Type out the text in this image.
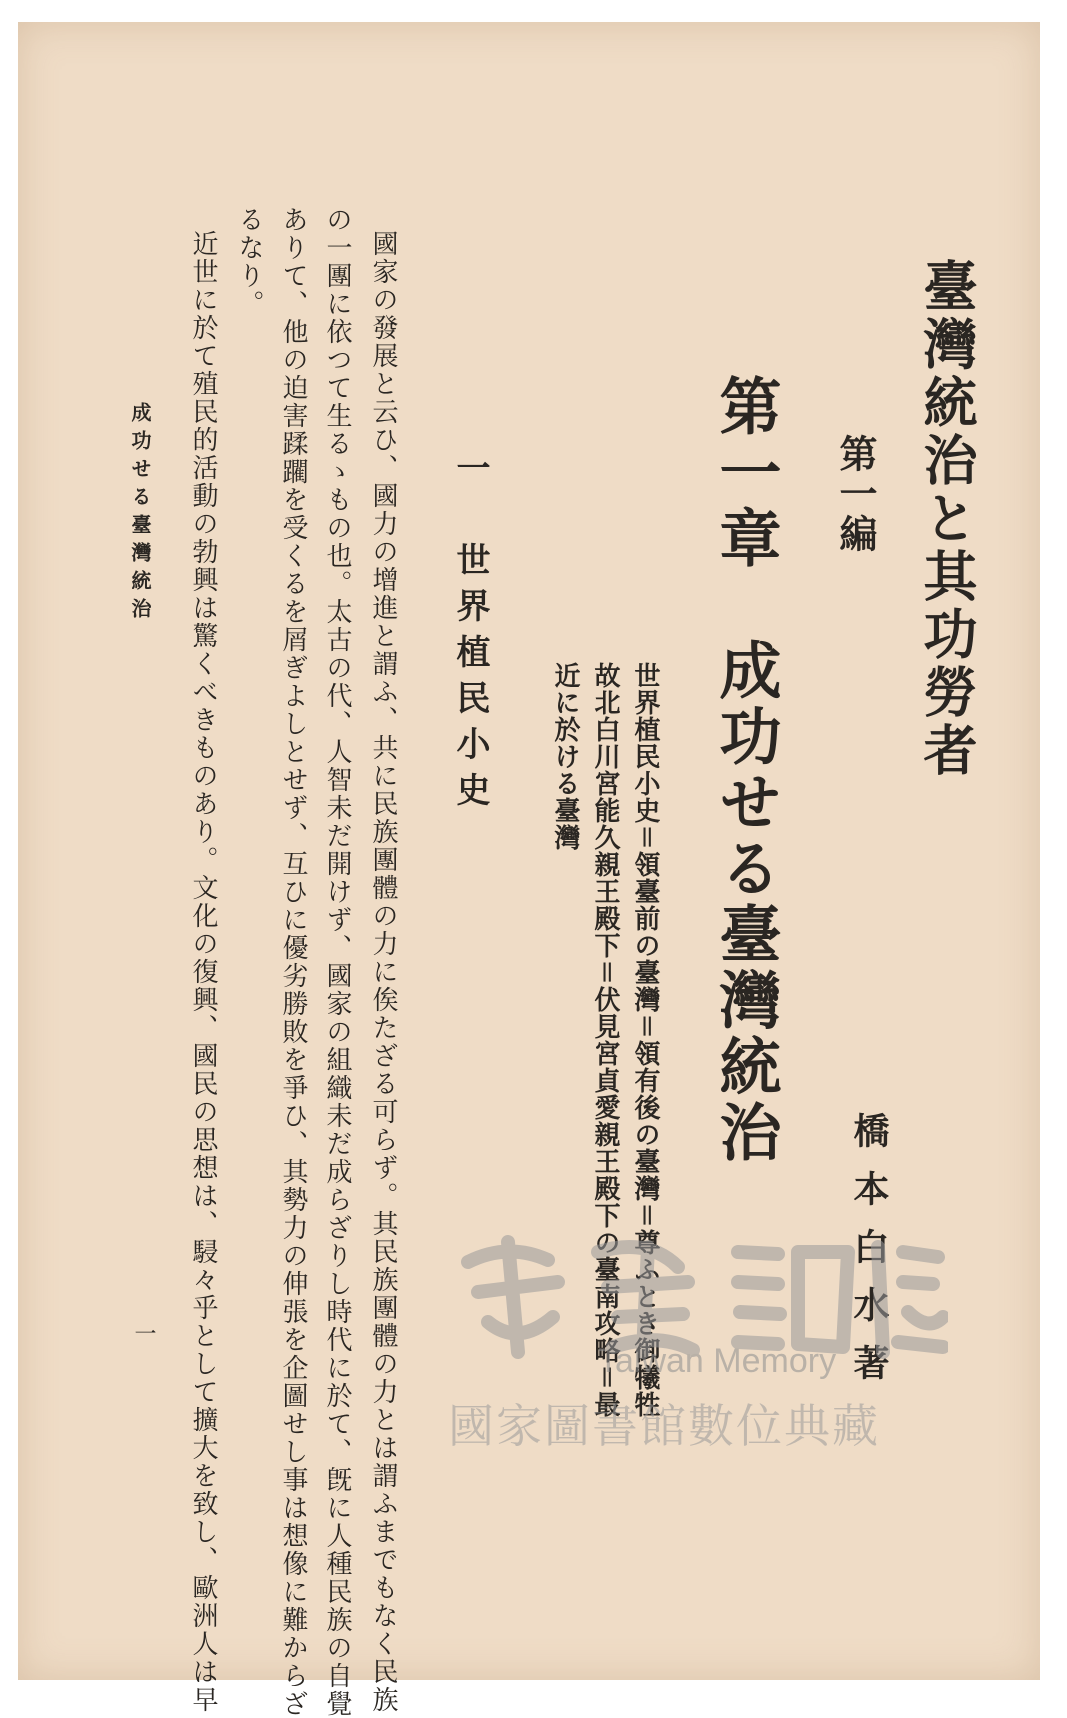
臺灣統治と其功勞者
第一編
橋本白水著
第一章　成功せる臺灣統治
世界植民小史＝領臺前の臺灣＝領有後の臺灣＝尊ふとき御犧牲
故北白川宮能久親王殿下＝伏見宮貞愛親王殿下の臺南攻略＝最
近に於ける臺灣
一　世界植民小史

國家の發展と云ひ、國力の增進と謂ふ、共に民族團體の力に俟たざる可らず。其民族團體の力とは謂ふまでもなく民族

の一團に依つて生るゝもの也。太古の代、人智未だ開けず、國家の組織未だ成らざりし時代に於て、旣に人種民族の自覺

ありて、他の迫害蹂躙を受くるを屑ぎよしとせず、互ひに優劣勝敗を爭ひ、其勢力の伸張を企圖せし事は想像に難からざ

るなり。

近世に於て殖民的活動の勃興は驚くべきものあり。文化の復興、國民の思想は、駸々乎として擴大を致し、歐洲人は早

成功せる臺灣統治
一
Taiwan Memory
國家圖書館數位典藏
